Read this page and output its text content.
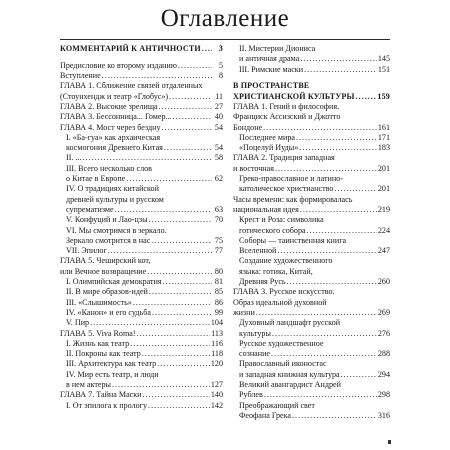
Оглавление
КОММЕНТАРИЙ К АНТИЧНОСТИ .....	3
Предисловие ко второму изданию .....	5
Вступление .....	8
ГЛАВА 1. Сближение связей отдаленных
(Стоунхендж и театр «Глобус») .....	11
ГЛАВА 2. Высокие зрелища .....	27
ГЛАВА 3. Бессонница... Гомер... .....	40
ГЛАВА 4. Мост через бездну .....	54
I. «Ба-гуа» как архаическая
космогония Древнего Китая .....	54
II. ... .....	58
III. Всего несколько слов
о Китае в Европе .....	62
IV. О традициях китайской
древней культуры и русском
супрематизме .....	63
V. Конфуций и Лао-цзы .....	70
VI. Мы смотримся в зеркало.
Зеркало смотрится в нас .....	75
VII. Эпилог .....	77
ГЛАВА 5. Чеширский кот,
или Вечное возвращение .....	80
I. Олимпийская демократия .....	81
II. В мире образов-идей .....	85
III. «Слышимость» .....	86
IV. «Канон» и его судьба .....	99
V. Пир .....	104
ГЛАВА 5. Viva Roma! .....	113
I. Жизнь как театр .....	116
II. Покроны как театр .....	118
III. Архитектура как театр .....	120
IV. Мир есть театр, и люди
в нем актеры .....	127
ГЛАВА 7. Тайна Маски .....	140
I. От эпилога к прологу .....	142
II. Мистерии Диониса
и античная драма .....	145
III. Римские маски .....	151
В ПРОСТРАНСТВЕ
ХРИСТИАНСКОЙ КУЛЬТУРЫ .....	159
ГЛАВА 1. Гений и философия.
Франциск Ассизский и Джотто
Бондоне .....	161
Последнее мира .....	171
«Поцелуй Иуды» .....	183
ГЛАВА 2. Традиция западная
и восточная .....	201
Греко-православное и латино-
католическое христианство .....	201
Часы времени: как формировалась
национальная идея .....	219
Крест и Роза: символика
готического собора .....	224
Соборы — таинственная книга
Вселенной .....	247
Создание художественного
языка: готика, Китай,
Древняя Русь .....	260
ГЛАВА 3. Русское искусство.
Образ идеальной духовной
жизни .....	269
Духовный ландшафт русской
культуры .....	276
Русское художественное
сознание .....	288
Православный иконостас
и западная книжная культура .....	294
Великий авангардист Андрей
Рублев .....	298
Преображающий свет
Феофана Грека .....	316
